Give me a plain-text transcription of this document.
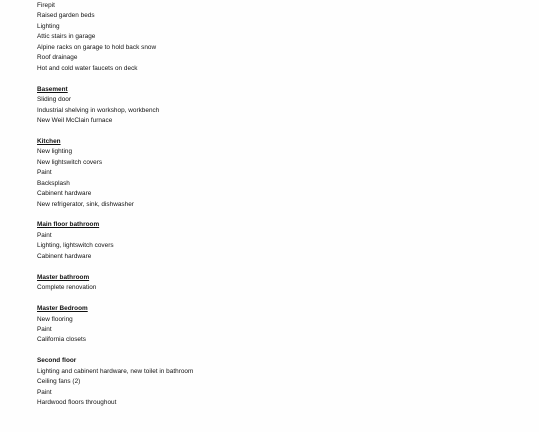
Firepit
Raised garden beds
Lighting
Attic stairs in garage
Alpine racks on garage to hold back snow
Roof drainage
Hot and cold water faucets on deck
Basement
Sliding door
Industrial shelving in workshop, workbench
New Weil McClain furnace
Kitchen
New lighting
New lightswitch covers
Paint
Backsplash
Cabinent hardware
New refrigerator, sink, dishwasher
Main floor bathroom
Paint
Lighting, lightswitch covers
Cabinent hardware
Master bathroom
Complete renovation
Master Bedroom
New flooring
Paint
California closets
Second floor
Lighting and cabinent hardware, new toilet in bathroom
Ceiling fans (2)
Paint
Hardwood floors throughout
